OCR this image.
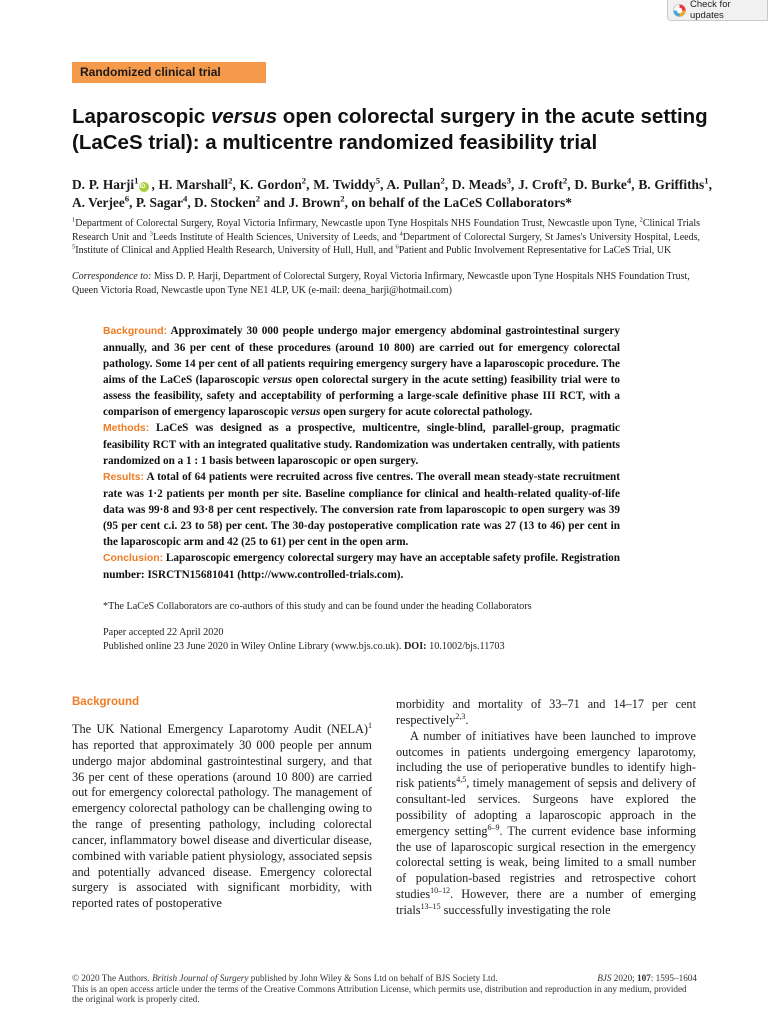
Check for updates
Randomized clinical trial
Laparoscopic versus open colorectal surgery in the acute setting (LaCeS trial): a multicentre randomized feasibility trial
D. P. Harji$^1$iD , H. Marshall$^2$, K. Gordon$^2$, M. Twiddy$^5$, A. Pullan$^2$, D. Meads$^3$, J. Croft$^2$, D. Burke$^4$, B. Griffiths$^1$, A. Verjee$^6$, P. Sagar$^4$, D. Stocken$^2$ and J. Brown$^2$, on behalf of the LaCeS Collaborators*
$^1$Department of Colorectal Surgery, Royal Victoria Infirmary, Newcastle upon Tyne Hospitals NHS Foundation Trust, Newcastle upon Tyne, $^2$Clinical Trials Research Unit and $^3$Leeds Institute of Health Sciences, University of Leeds, and $^4$Department of Colorectal Surgery, St James's University Hospital, Leeds, $^5$Institute of Clinical and Applied Health Research, University of Hull, Hull, and $^6$Patient and Public Involvement Representative for LaCeS Trial, UK
Correspondence to: Miss D. P. Harji, Department of Colorectal Surgery, Royal Victoria Infirmary, Newcastle upon Tyne Hospitals NHS Foundation Trust, Queen Victoria Road, Newcastle upon Tyne NE1 4LP, UK (e-mail: deena_harji@hotmail.com)

Background: Approximately 30 000 people undergo major emergency abdominal gastrointestinal surgery annually, and 36 per cent of these procedures (around 10 800) are carried out for emergency colorectal pathology. Some 14 per cent of all patients requiring emergency surgery have a laparoscopic procedure. The aims of the LaCeS (laparoscopic versus open colorectal surgery in the acute setting) feasibility trial were to assess the feasibility, safety and acceptability of performing a large-scale definitive phase III RCT, with a comparison of emergency laparoscopic versus open surgery for acute colorectal pathology.

Methods: LaCeS was designed as a prospective, multicentre, single-blind, parallel-group, pragmatic feasibility RCT with an integrated qualitative study. Randomization was undertaken centrally, with patients randomized on a 1 : 1 basis between laparoscopic or open surgery.

Results: A total of 64 patients were recruited across five centres. The overall mean steady-state recruitment rate was 1·2 patients per month per site. Baseline compliance for clinical and health-related quality-of-life data was 99·8 and 93·8 per cent respectively. The conversion rate from laparoscopic to open surgery was 39 (95 per cent c.i. 23 to 58) per cent. The 30-day postoperative complication rate was 27 (13 to 46) per cent in the laparoscopic arm and 42 (25 to 61) per cent in the open arm.

Conclusion: Laparoscopic emergency colorectal surgery may have an acceptable safety profile. Registration number: ISRCTN15681041 (http://www.controlled-trials.com).

*The LaCeS Collaborators are co-authors of this study and can be found under the heading Collaborators
Paper accepted 22 April 2020
Published online 23 June 2020 in Wiley Online Library (www.bjs.co.uk). DOI: 10.1002/bjs.11703
Background

The UK National Emergency Laparotomy Audit (NELA)$^1$ has reported that approximately 30 000 people per annum undergo major abdominal gastrointestinal surgery, and that 36 per cent of these operations (around 10 800) are carried out for emergency colorectal pathology. The management of emergency colorectal pathology can be challenging owing to the range of presenting pathology, including colorectal cancer, inflammatory bowel disease and diverticular disease, combined with variable patient physiology, associated sepsis and potentially advanced disease. Emergency colorectal surgery is associated with significant morbidity, with reported rates of postoperative

morbidity and mortality of 33–71 and 14–17 per cent respectively$^{2,3}$.

A number of initiatives have been launched to improve outcomes in patients undergoing emergency laparotomy, including the use of perioperative bundles to identify high-risk patients$^{4,5}$, timely management of sepsis and delivery of consultant-led services. Surgeons have explored the possibility of adopting a laparoscopic approach in the emergency setting$^{6-9}$. The current evidence base informing the use of laparoscopic surgical resection in the emergency colorectal setting is weak, being limited to a small number of population-based registries and retrospective cohort studies$^{10-12}$. However, there are a number of emerging trials$^{13-15}$ successfully investigating the role

© 2020 The Authors. British Journal of Surgery published by John Wiley & Sons Ltd on behalf of BJS Society Ltd.	BJS 2020; 107: 1595–1604
This is an open access article under the terms of the Creative Commons Attribution License, which permits use, distribution and reproduction in any medium, provided the original work is properly cited.
